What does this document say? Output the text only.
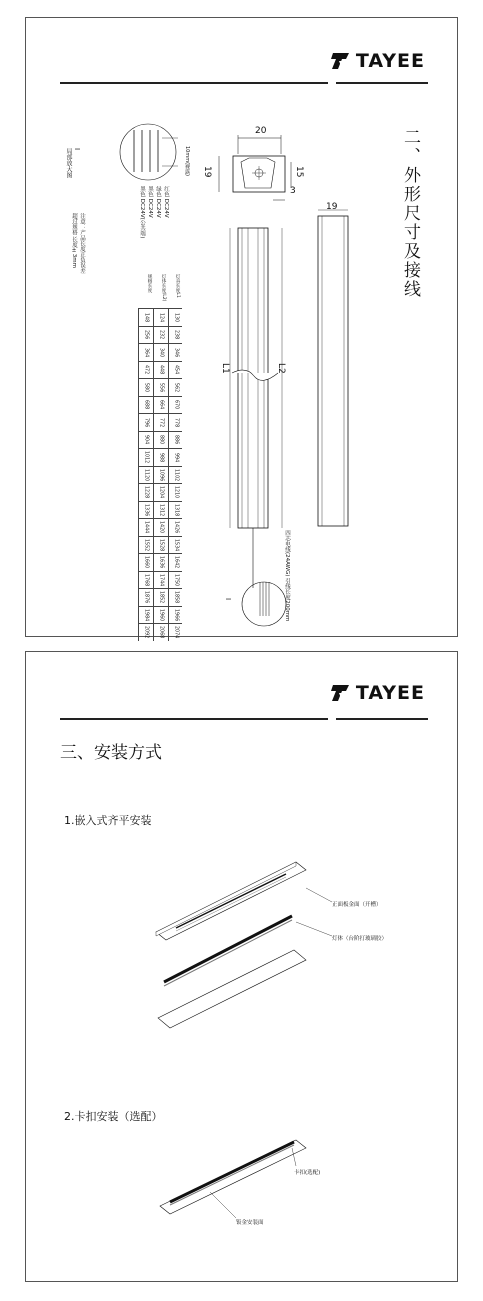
TAYEE
二、外形尺寸及接线
20
19	15
3
L1	L2
19
四芯电线(24AWG) 引线长度200mm
I
I
局部放大图	10mm(裸露)
红色 DC24V
绿色 DC24V
黑色 DC24V
黑色 DC24V(公共端)
注意：产品长度正负误差
超过规格 长度±3mm
规格长度	灯体长度(L2)	灯具长度L1
148	124	130
256	232	238
364	340	346
472	448	454
580	556	562
688	664	670
796	772	778
904	880	886
1012	988	994
1120	1096	1102
1228	1204	1210
1336	1312	1318
1444	1420	1426
1552	1528	1534
1660	1636	1642
1768	1744	1750
1876	1852	1858
1984	1960	1966
2092	2068	2074
TAYEE
三、安装方式
1.嵌入式齐平安装
正面板金面（开槽）
灯体（台阶打玻璃胶）
2.卡扣安装（选配）
卡扣(选配)
钣金安装面
